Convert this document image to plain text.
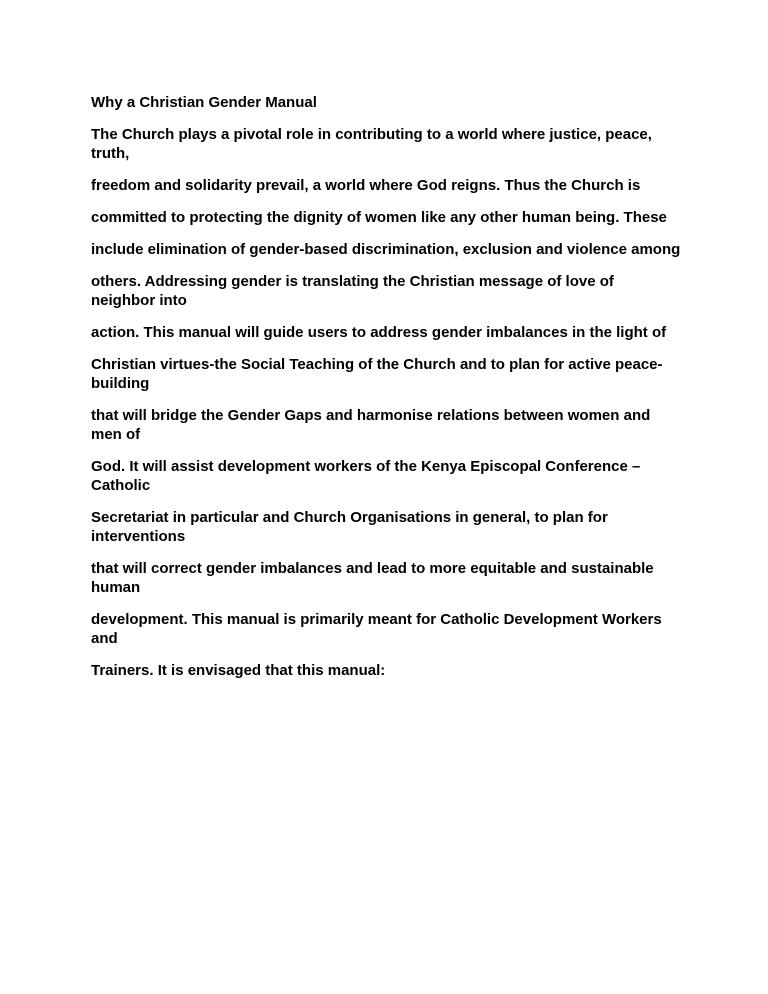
Why a Christian Gender Manual

The Church plays a pivotal role in contributing to a world where justice, peace, truth,

freedom and solidarity prevail, a world where God reigns. Thus the Church is

committed to protecting the dignity of women like any other human being. These

include elimination of gender-based discrimination, exclusion and violence among

others. Addressing gender is translating the Christian message of love of neighbor into

action. This manual will guide users to address gender imbalances in the light of

Christian virtues-the Social Teaching of the Church and to plan for active peace-building

that will bridge the Gender Gaps and harmonise relations between women and men of

God. It will assist development workers of the Kenya Episcopal Conference – Catholic

Secretariat in particular and Church Organisations in general, to plan for interventions

that will correct gender imbalances and lead to more equitable and sustainable human

development. This manual is primarily meant for Catholic Development Workers and

Trainers. It is envisaged that this manual:
